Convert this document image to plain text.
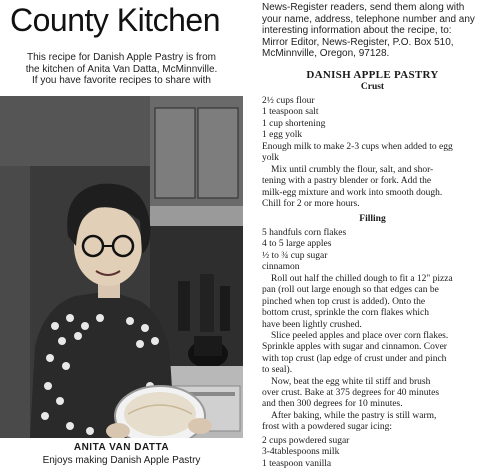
County Kitchen
This recipe for Danish Apple Pastry is from
the kitchen of Anita Van Datta, McMinnville.
If you have favorite recipes to share with
ANITA VAN DATTA
Enjoys making Danish Apple Pastry
News-Register readers, send them along with
your name, address, telephone number and any
interesting information about the recipe, to:
Mirror Editor, News-Register, P.O. Box 510,
McMinnville, Oregon, 97128.
DANISH APPLE PASTRY
Crust
2½ cups flour
1 teaspoon salt
1 cup shortening
1 egg yolk
Enough milk to make 2-3 cups when added to egg
yolk
Mix until crumbly the flour, salt, and shor-
tening with a pastry blender or fork. Add the
milk-egg mixture and work into smooth dough.
Chill for 2 or more hours.
Filling
5 handfuls corn flakes
4 to 5 large apples
½ to ¾ cup sugar
cinnamon
Roll out half the chilled dough to fit a 12" pizza
pan (roll out large enough so that edges can be
pinched when top crust is added). Onto the
bottom crust, sprinkle the corn flakes which
have been lightly crushed.
Slice peeled apples and place over corn flakes.
Sprinkle apples with sugar and cinnamon. Cover
with top crust (lap edge of crust under and pinch
to seal).
Now, beat the egg white til stiff and brush
over crust. Bake at 375 degrees for 40 minutes
and then 300 degrees for 10 minutes.
After baking, while the pastry is still warm,
frost with a powdered sugar icing:
2 cups powdered sugar
3-4tablespoons milk
1 teaspoon vanilla
